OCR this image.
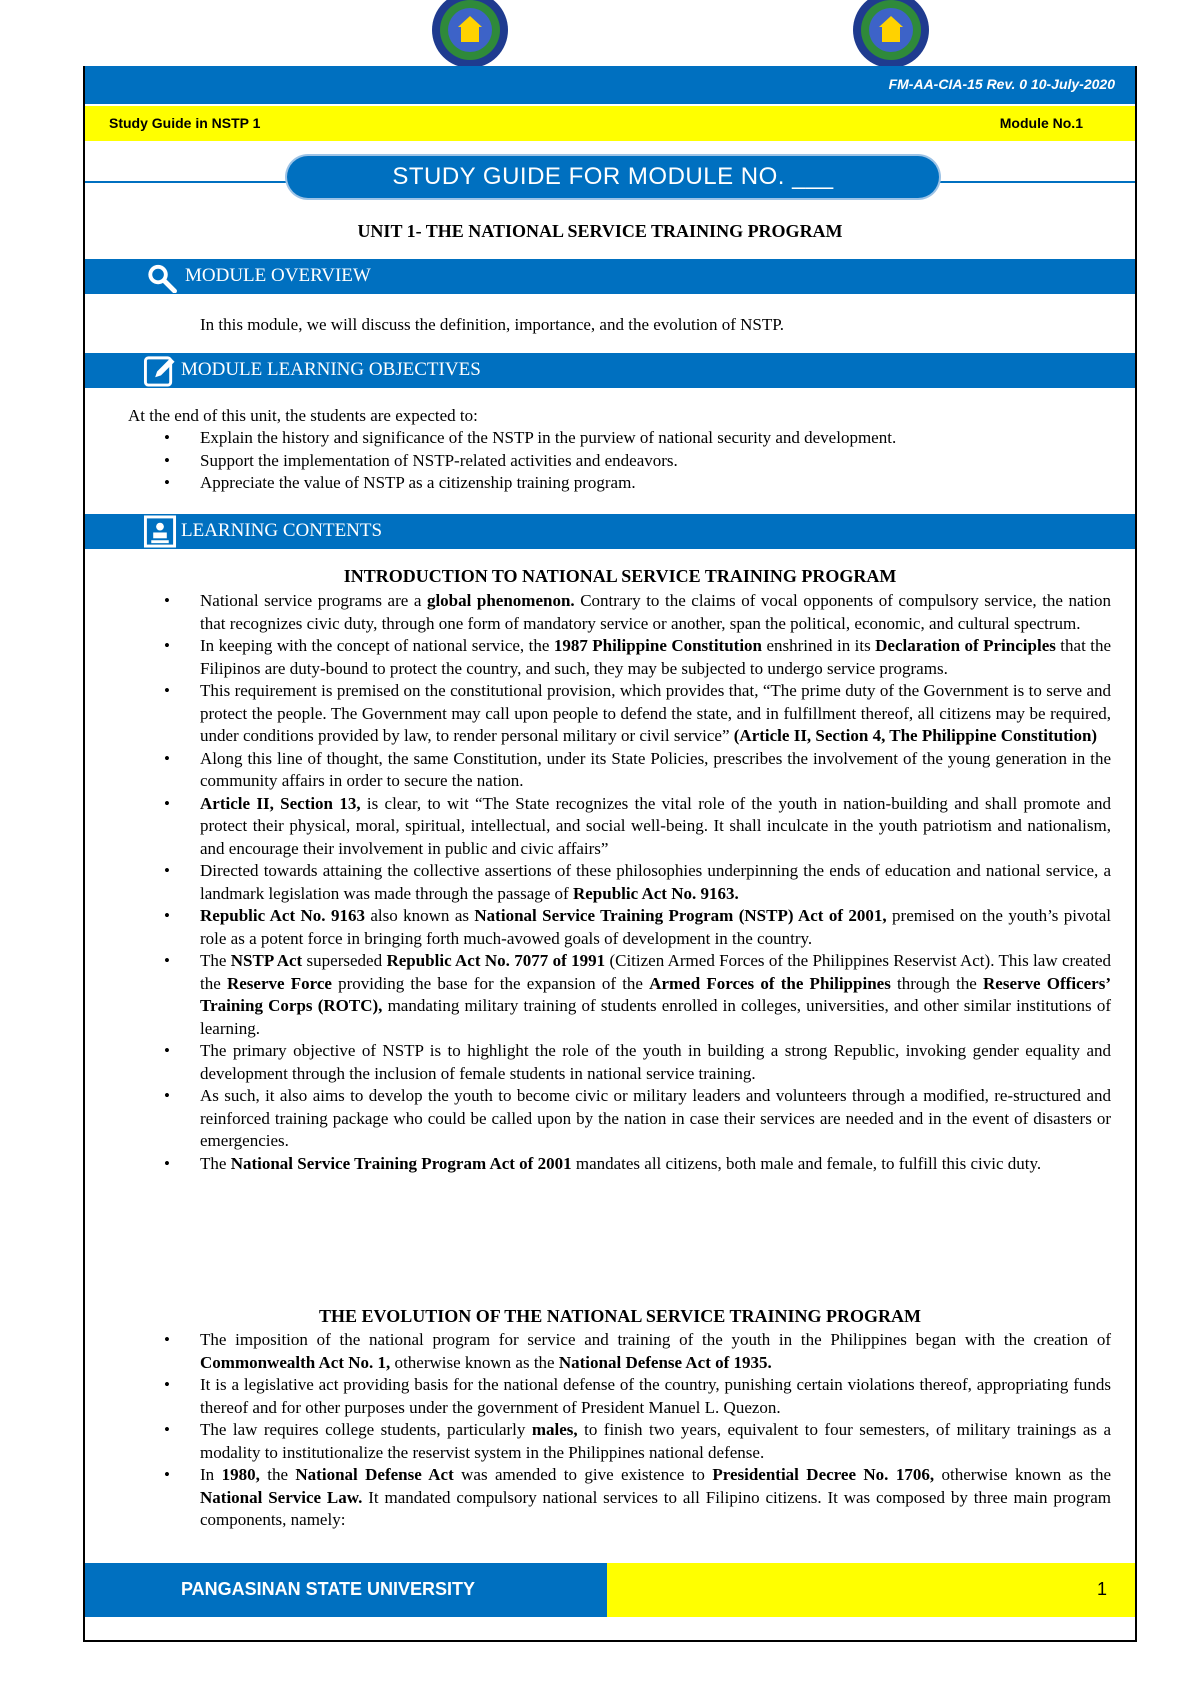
FM-AA-CIA-15 Rev. 0 10-July-2020
Study Guide in NSTP 1	Module No.1
STUDY GUIDE FOR MODULE NO. ___
UNIT 1- THE NATIONAL SERVICE TRAINING PROGRAM
MODULE OVERVIEW
In this module, we will discuss the definition, importance, and the evolution of NSTP.
MODULE LEARNING OBJECTIVES
At the end of this unit, the students are expected to:
• Explain the history and significance of the NSTP in the purview of national security and development.
• Support the implementation of NSTP-related activities and endeavors.
• Appreciate the value of NSTP as a citizenship training program.
LEARNING CONTENTS
INTRODUCTION TO NATIONAL SERVICE TRAINING PROGRAM
• National service programs are a global phenomenon. Contrary to the claims of vocal opponents of compulsory service, the nation that recognizes civic duty, through one form of mandatory service or another, span the political, economic, and cultural spectrum.
• In keeping with the concept of national service, the 1987 Philippine Constitution enshrined in its Declaration of Principles that the Filipinos are duty-bound to protect the country, and such, they may be subjected to undergo service programs.
• This requirement is premised on the constitutional provision, which provides that, “The prime duty of the Government is to serve and protect the people. The Government may call upon people to defend the state, and in fulfillment thereof, all citizens may be required, under conditions provided by law, to render personal military or civil service” (Article II, Section 4, The Philippine Constitution)
• Along this line of thought, the same Constitution, under its State Policies, prescribes the involvement of the young generation in the community affairs in order to secure the nation.
• Article II, Section 13, is clear, to wit “The State recognizes the vital role of the youth in nation-building and shall promote and protect their physical, moral, spiritual, intellectual, and social well-being. It shall inculcate in the youth patriotism and nationalism, and encourage their involvement in public and civic affairs”
• Directed towards attaining the collective assertions of these philosophies underpinning the ends of education and national service, a landmark legislation was made through the passage of Republic Act No. 9163.
• Republic Act No. 9163 also known as National Service Training Program (NSTP) Act of 2001, premised on the youth’s pivotal role as a potent force in bringing forth much-avowed goals of development in the country.
• The NSTP Act superseded Republic Act No. 7077 of 1991 (Citizen Armed Forces of the Philippines Reservist Act). This law created the Reserve Force providing the base for the expansion of the Armed Forces of the Philippines through the Reserve Officers’ Training Corps (ROTC), mandating military training of students enrolled in colleges, universities, and other similar institutions of learning.
• The primary objective of NSTP is to highlight the role of the youth in building a strong Republic, invoking gender equality and development through the inclusion of female students in national service training.
• As such, it also aims to develop the youth to become civic or military leaders and volunteers through a modified, re-structured and reinforced training package who could be called upon by the nation in case their services are needed and in the event of disasters or emergencies.
• The National Service Training Program Act of 2001 mandates all citizens, both male and female, to fulfill this civic duty.
THE EVOLUTION OF THE NATIONAL SERVICE TRAINING PROGRAM
• The imposition of the national program for service and training of the youth in the Philippines began with the creation of Commonwealth Act No. 1, otherwise known as the National Defense Act of 1935.
• It is a legislative act providing basis for the national defense of the country, punishing certain violations thereof, appropriating funds thereof and for other purposes under the government of President Manuel L. Quezon.
• The law requires college students, particularly males, to finish two years, equivalent to four semesters, of military trainings as a modality to institutionalize the reservist system in the Philippines national defense.
• In 1980, the National Defense Act was amended to give existence to Presidential Decree No. 1706, otherwise known as the National Service Law. It mandated compulsory national services to all Filipino citizens. It was composed by three main program components, namely:
PANGASINAN STATE UNIVERSITY	1
